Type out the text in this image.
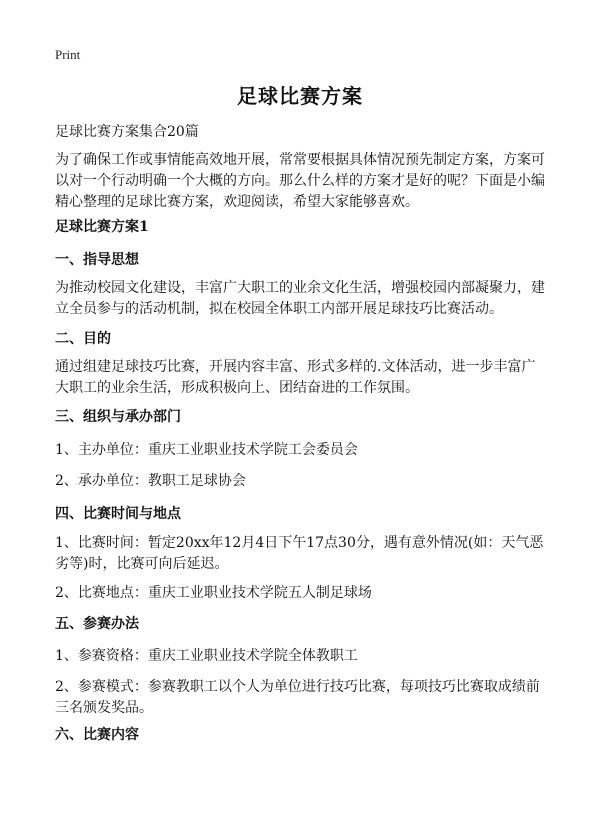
Print
足球比赛方案
足球比赛方案集合20篇
为了确保工作或事情能高效地开展，常常要根据具体情况预先制定方案，方案可以对一个行动明确一个大概的方向。那么什么样的方案才是好的呢？下面是小编精心整理的足球比赛方案，欢迎阅读，希望大家能够喜欢。
足球比赛方案1
一、指导思想
为推动校园文化建设，丰富广大职工的业余文化生活，增强校园内部凝聚力，建立全员参与的活动机制，拟在校园全体职工内部开展足球技巧比赛活动。
二、目的
通过组建足球技巧比赛，开展内容丰富、形式多样的.文体活动，进一步丰富广大职工的业余生活，形成积极向上、团结奋进的工作氛围。
三、组织与承办部门
1、主办单位：重庆工业职业技术学院工会委员会
2、承办单位：教职工足球协会
四、比赛时间与地点
1、比赛时间：暂定20xx年12月4日下午17点30分，遇有意外情况(如：天气恶劣等)时，比赛可向后延迟。
2、比赛地点：重庆工业职业技术学院五人制足球场
五、参赛办法
1、参赛资格：重庆工业职业技术学院全体教职工
2、参赛模式：参赛教职工以个人为单位进行技巧比赛，每项技巧比赛取成绩前三名颁发奖品。
六、比赛内容
